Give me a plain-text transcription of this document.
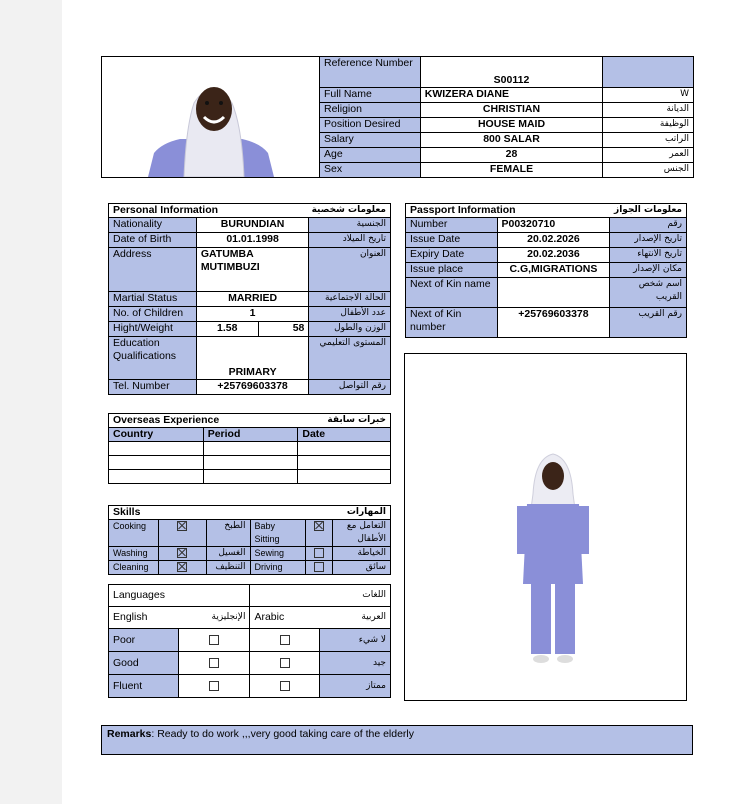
	Reference Number	S00112	
	Full Name	KWIZERA DIANE	W
	Religion	CHRISTIAN	الديانة
	Position Desired	HOUSE MAID	الوظيفة
	Salary	800 SALAR	الراتب
	Age	28	العمر
	Sex	FEMALE	الجنس
Personal Information		معلومات شخصية	
Nationality	BURUNDIAN		الجنسية
Date of Birth	01.01.1998		تاريخ الميلاد
Address	GATUMBA MUTIMBUZI		العنوان
Martial Status	MARRIED		الحالة الاجتماعية
No. of Children	1		عدد الأطفال
Hight/Weight	1.58	58	الوزن والطول
Education Qualifications	PRIMARY		المستوى التعليمي
Tel. Number	+25769603378		رقم التواصل
Passport Information		معلومات الجواز
Number	P00320710	رقم
Issue Date	20.02.2026	تاريخ الإصدار
Expiry Date	20.02.2036	تاريخ الانتهاء
Issue place	C.G,MIGRATIONS	مكان الإصدار
Next of Kin name		اسم شخص القريب
Next of Kin number	+25769603378	رقم القريب
Overseas Experience		خبرات سابقة
Country	Period	Date

Skills			المهارات		
Cooking		الطبخ	Baby Sitting		التعامل مع الأطفال
Washing		الغسيل	Sewing		الخياطة
Cleaning		التنظيف	Driving		سائق
Languages		اللغات	
English الإنجليزية		Arabic	العربية
Poor			لا شيء
Good			جيد
Fluent			ممتاز
Remarks: Ready to do work ,,,very good taking care of the elderly
